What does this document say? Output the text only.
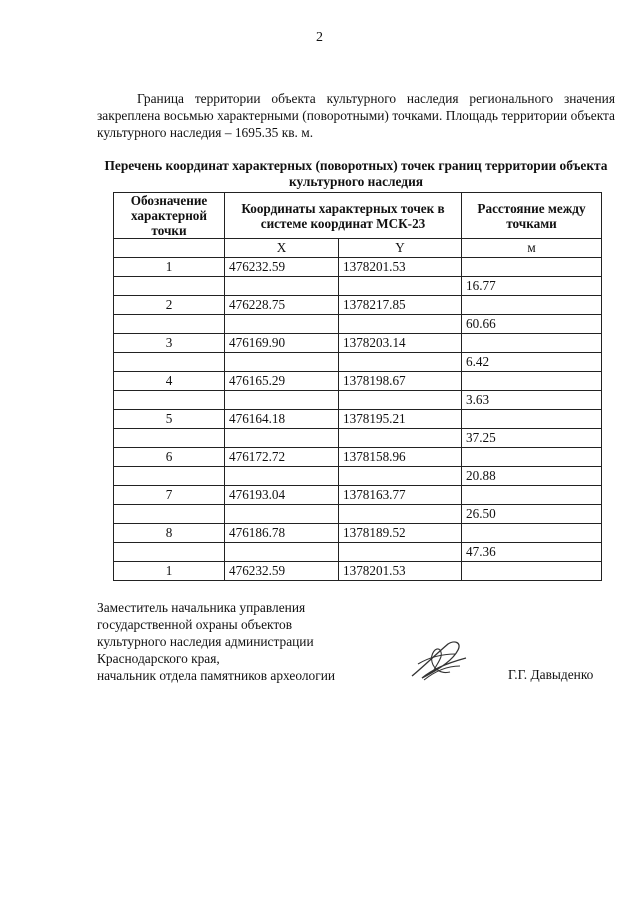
2

Граница территории объекта культурного наследия регионального значения закреплена восьмью характерными (поворотными) точками. Площадь территории объекта культурного наследия – 1695.35 кв. м.

Перечень координат характерных (поворотных) точек границ территории объекта культурного наследия

Обозначение характерной точки	Координаты характерных точек в системе координат МСК-23		Расстояние между точками

	X	Y	м
1	476232.59	1378201.53	
			16.77
2	476228.75	1378217.85	
			60.66
3	476169.90	1378203.14	
			6.42
4	476165.29	1378198.67	
			3.63
5	476164.18	1378195.21	
			37.25
6	476172.72	1378158.96	
			20.88
7	476193.04	1378163.77	
			26.50
8	476186.78	1378189.52	
			47.36
1	476232.59	1378201.53	
Заместитель начальника управления
государственной охраны объектов
культурного наследия администрации
Краснодарского края,
начальник отдела памятников археологии	Г.Г. Давыденко
